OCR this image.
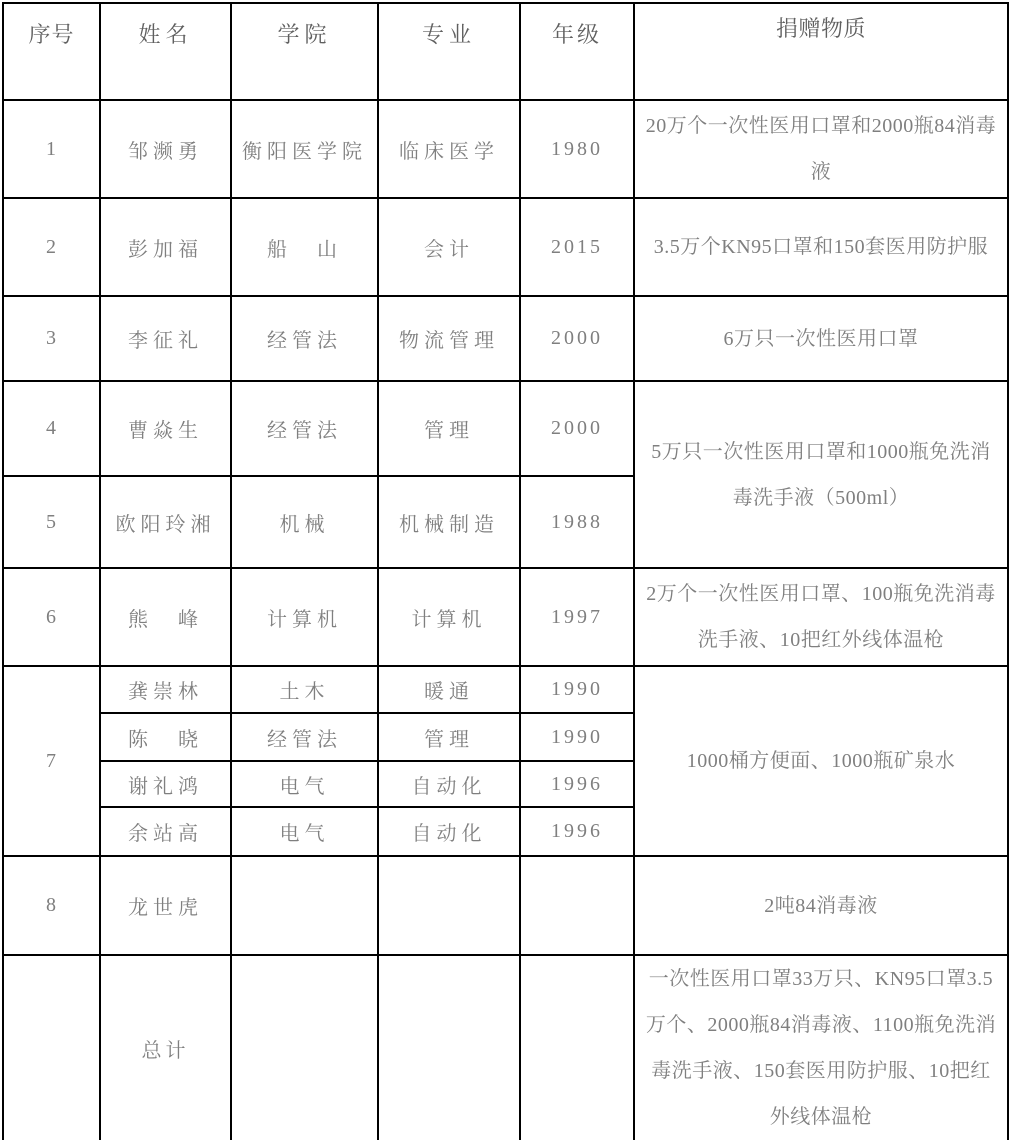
序号	姓名	学院	专业	年级	捐赠物质
1	邹濒勇	衡阳医学院	临床医学	1980	20万个一次性医用口罩和2000瓶84消毒液
2	彭加福	船　山	会计	2015	3.5万个KN95口罩和150套医用防护服
3	李征礼	经管法	物流管理	2000	6万只一次性医用口罩
4	曹焱生	经管法	管理	2000	5万只一次性医用口罩和1000瓶免洗消毒洗手液（500ml）
5	欧阳玲湘	机械	机械制造	1988	
6	熊　峰	计算机	计算机	1997	2万个一次性医用口罩、100瓶免洗消毒洗手液、10把红外线体温枪
7	龚崇林	土木	暖通	1990	1000桶方便面、1000瓶矿泉水
	陈　晓	经管法	管理	1990	
	谢礼鸿	电气	自动化	1996	
	余站高	电气	自动化	1996	
8	龙世虎				2吨84消毒液
	总计				一次性医用口罩33万只、KN95口罩3.5万个、2000瓶84消毒液、1100瓶免洗消毒洗手液、150套医用防护服、10把红外线体温枪
